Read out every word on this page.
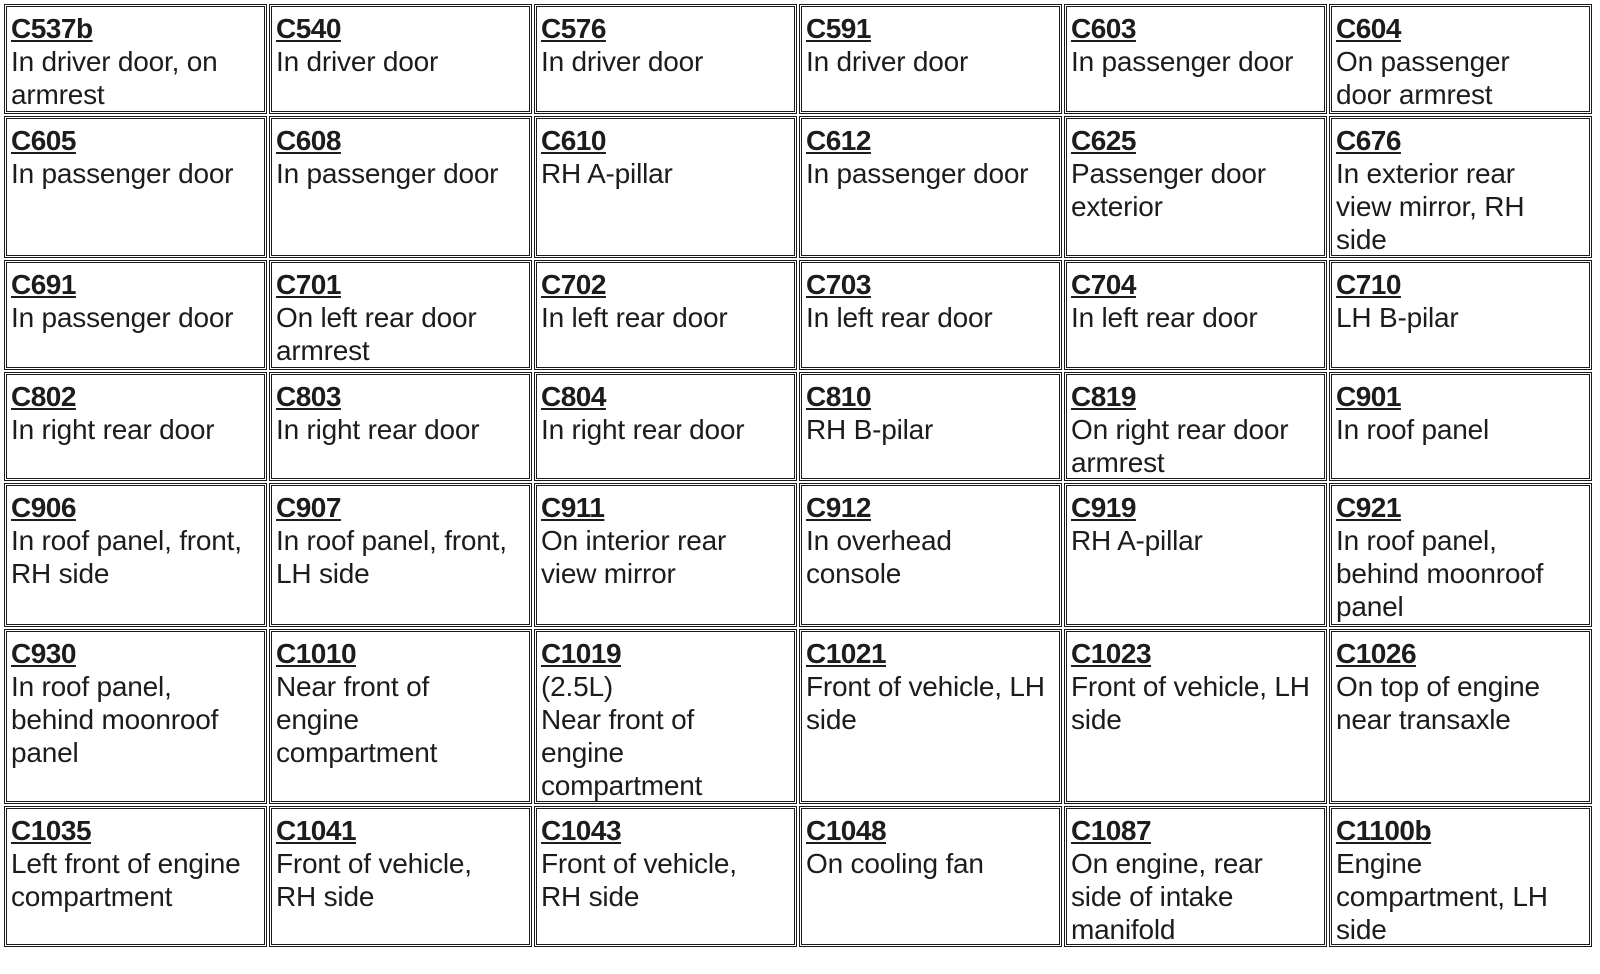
C537b
In driver door, on
armrest
C540
In driver door
C576
In driver door
C591
In driver door
C603
In passenger door
C604
On passenger
door armrest
C605
In passenger door
C608
In passenger door
C610
RH A-pillar
C612
In passenger door
C625
Passenger door
exterior
C676
In exterior rear
view mirror, RH
side
C691
In passenger door
C701
On left rear door
armrest
C702
In left rear door
C703
In left rear door
C704
In left rear door
C710
LH B-pilar
C802
In right rear door
C803
In right rear door
C804
In right rear door
C810
RH B-pilar
C819
On right rear door
armrest
C901
In roof panel
C906
In roof panel, front,
RH side
C907
In roof panel, front,
LH side
C911
On interior rear
view mirror
C912
In overhead
console
C919
RH A-pillar
C921
In roof panel,
behind moonroof
panel
C930
In roof panel,
behind moonroof
panel
C1010
Near front of
engine
compartment
C1019
(2.5L)
Near front of
engine
compartment
C1021
Front of vehicle, LH
side
C1023
Front of vehicle, LH
side
C1026
On top of engine
near transaxle
C1035
Left front of engine
compartment
C1041
Front of vehicle,
RH side
C1043
Front of vehicle,
RH side
C1048
On cooling fan
C1087
On engine, rear
side of intake
manifold
C1100b
Engine
compartment, LH
side
